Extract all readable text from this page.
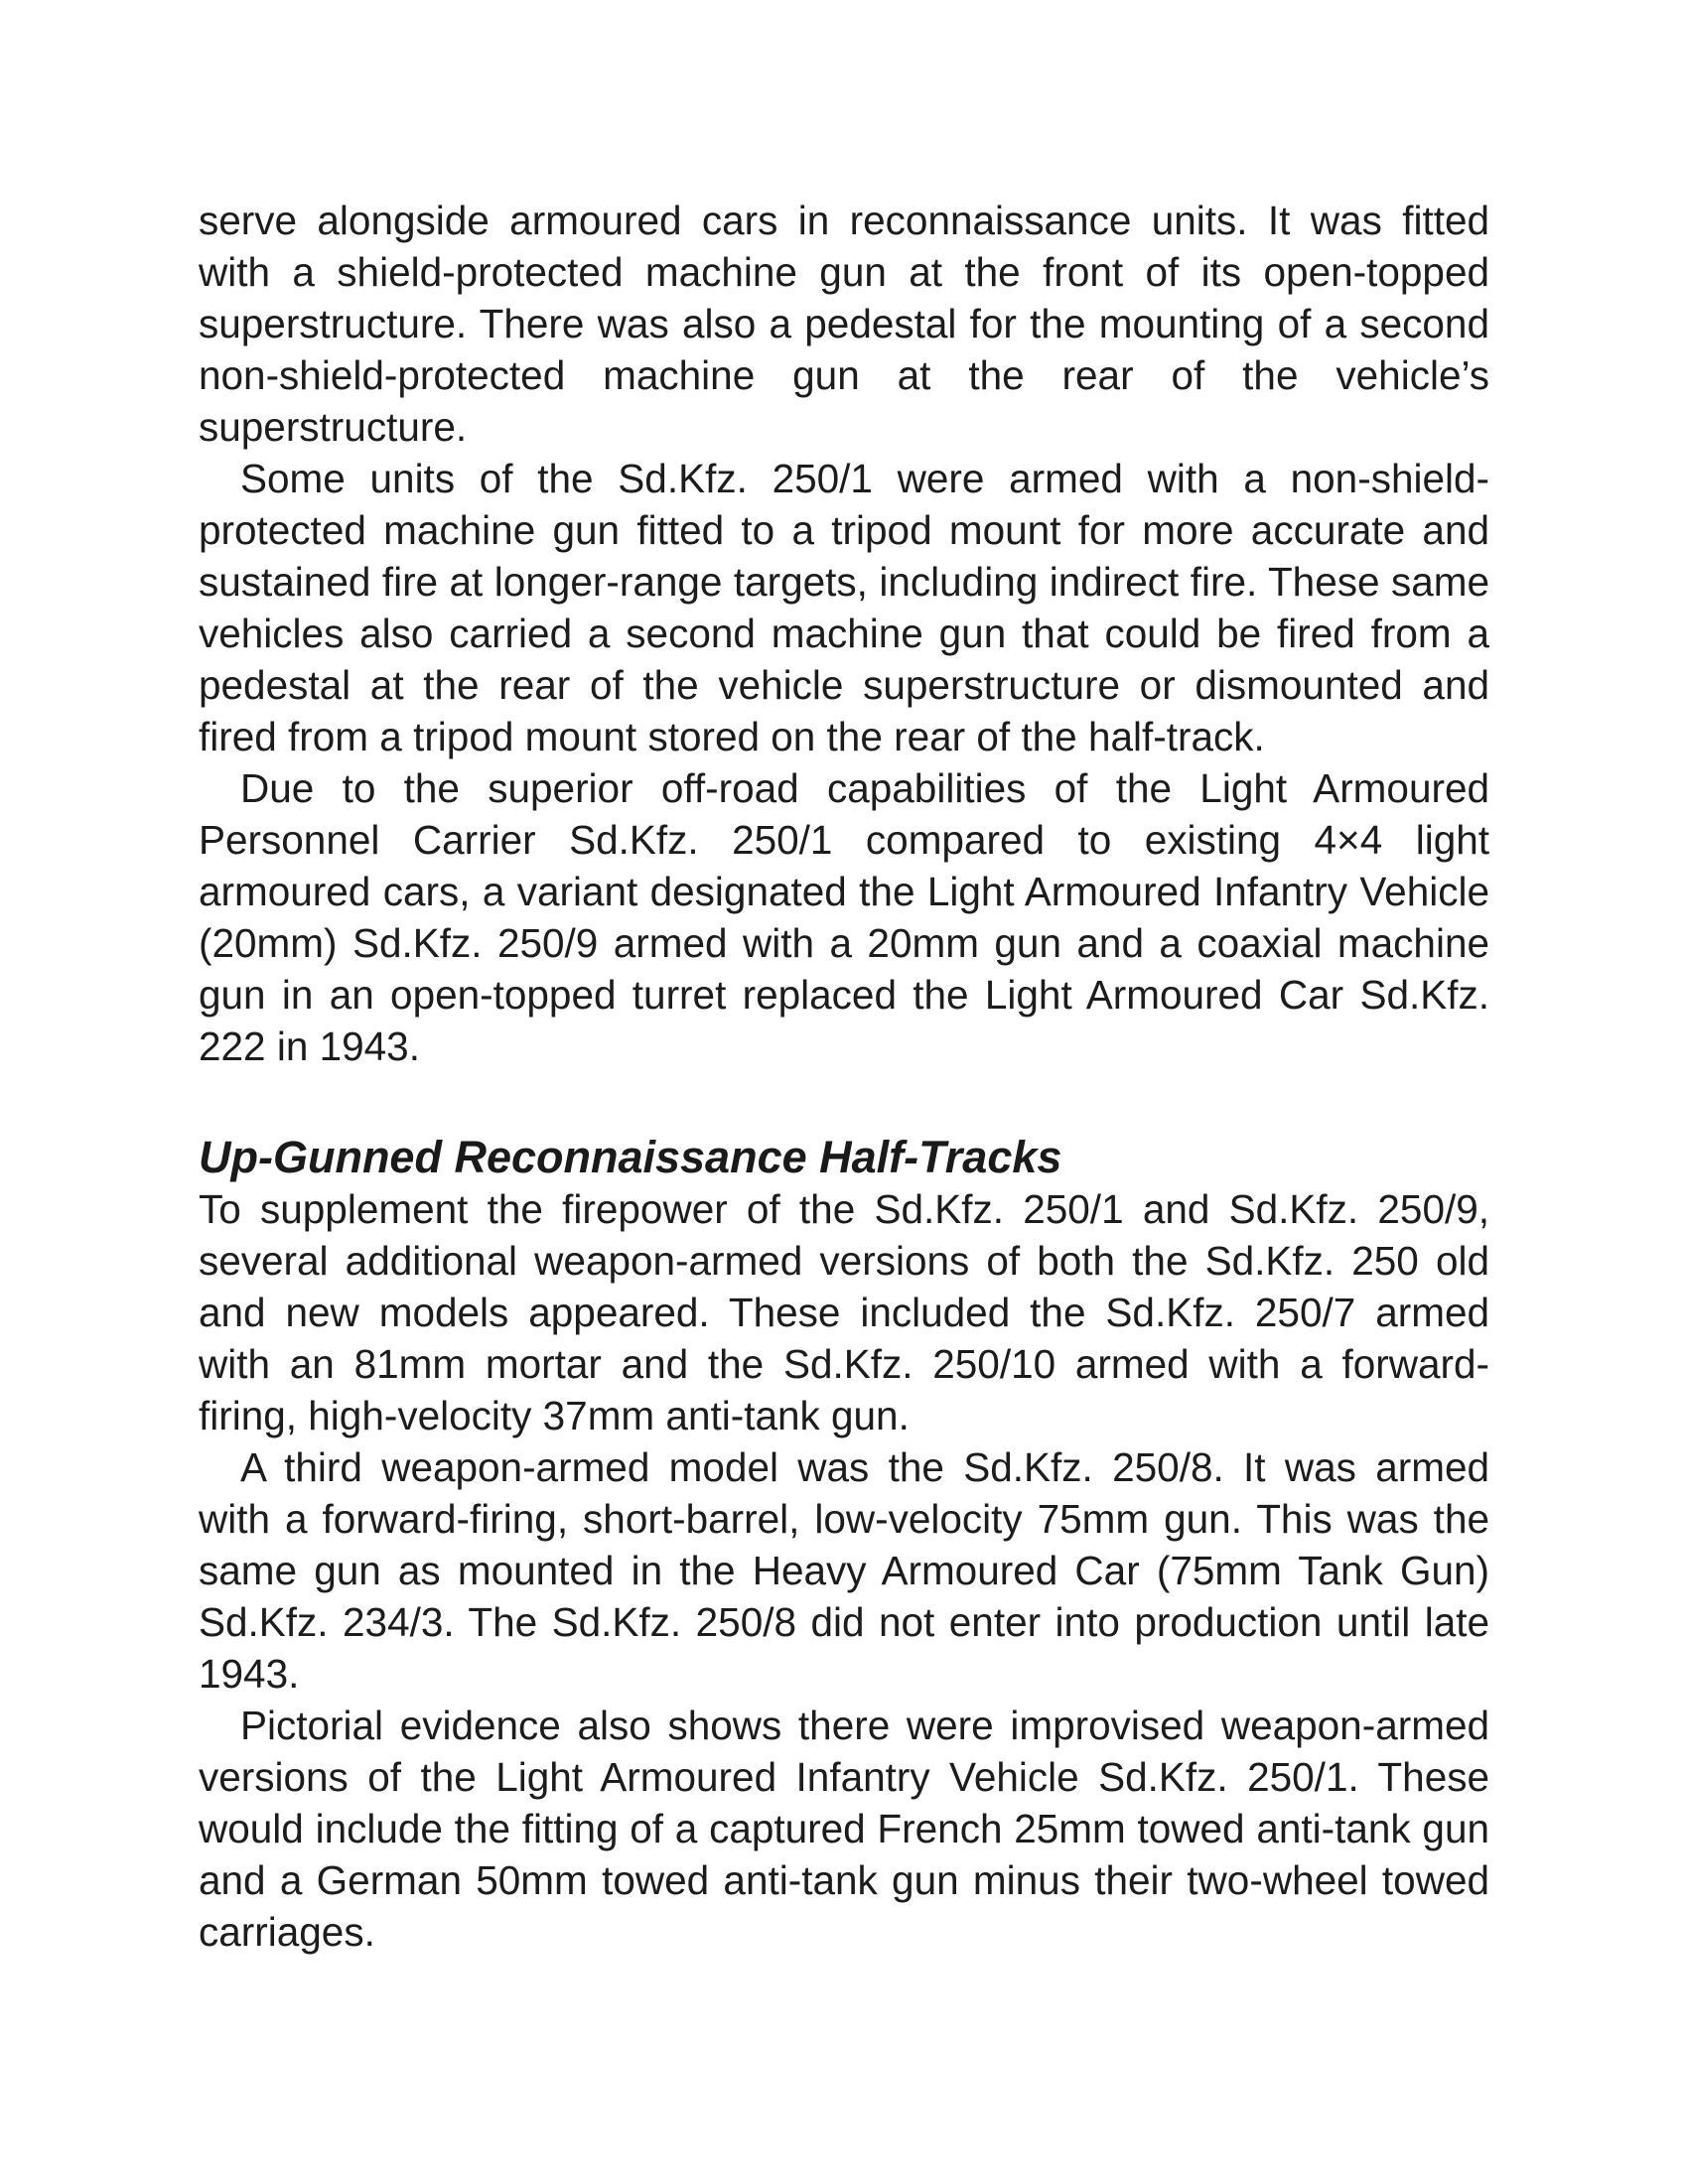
serve alongside armoured cars in reconnaissance units. It was fitted with a shield-protected machine gun at the front of its open-topped superstructure. There was also a pedestal for the mounting of a second non-shield-protected machine gun at the rear of the vehicle’s superstructure.

Some units of the Sd.Kfz. 250/1 were armed with a non-shield-protected machine gun fitted to a tripod mount for more accurate and sustained fire at longer-range targets, including indirect fire. These same vehicles also carried a second machine gun that could be fired from a pedestal at the rear of the vehicle superstructure or dismounted and fired from a tripod mount stored on the rear of the half-track.

Due to the superior off-road capabilities of the Light Armoured Personnel Carrier Sd.Kfz. 250/1 compared to existing 4×4 light armoured cars, a variant designated the Light Armoured Infantry Vehicle (20mm) Sd.Kfz. 250/9 armed with a 20mm gun and a coaxial machine gun in an open-topped turret replaced the Light Armoured Car Sd.Kfz. 222 in 1943.

Up-Gunned Reconnaissance Half-Tracks

To supplement the firepower of the Sd.Kfz. 250/1 and Sd.Kfz. 250/9, several additional weapon-armed versions of both the Sd.Kfz. 250 old and new models appeared. These included the Sd.Kfz. 250/7 armed with an 81mm mortar and the Sd.Kfz. 250/10 armed with a forward-firing, high-velocity 37mm anti-tank gun.

A third weapon-armed model was the Sd.Kfz. 250/8. It was armed with a forward-firing, short-barrel, low-velocity 75mm gun. This was the same gun as mounted in the Heavy Armoured Car (75mm Tank Gun) Sd.Kfz. 234/3. The Sd.Kfz. 250/8 did not enter into production until late 1943.

Pictorial evidence also shows there were improvised weapon-armed versions of the Light Armoured Infantry Vehicle Sd.Kfz. 250/1. These would include the fitting of a captured French 25mm towed anti-tank gun and a German 50mm towed anti-tank gun minus their two-wheel towed carriages.
